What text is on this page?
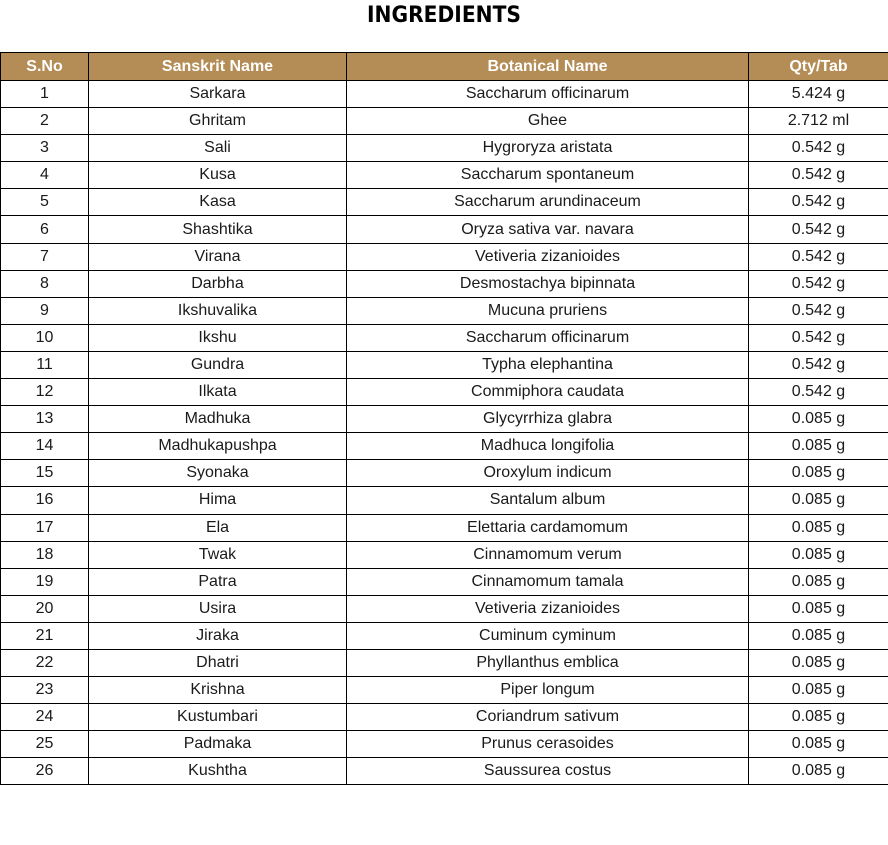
INGREDIENTS
S.No	Sanskrit Name	Botanical Name	Qty/Tab
1	Sarkara	Saccharum officinarum	5.424 g
2	Ghritam	Ghee	2.712 ml
3	Sali	Hygroryza aristata	0.542 g
4	Kusa	Saccharum spontaneum	0.542 g
5	Kasa	Saccharum arundinaceum	0.542 g
6	Shashtika	Oryza sativa var. navara	0.542 g
7	Virana	Vetiveria zizanioides	0.542 g
8	Darbha	Desmostachya bipinnata	0.542 g
9	Ikshuvalika	Mucuna pruriens	0.542 g
10	Ikshu	Saccharum officinarum	0.542 g
11	Gundra	Typha elephantina	0.542 g
12	Ilkata	Commiphora caudata	0.542 g
13	Madhuka	Glycyrrhiza glabra	0.085 g
14	Madhukapushpa	Madhuca longifolia	0.085 g
15	Syonaka	Oroxylum indicum	0.085 g
16	Hima	Santalum album	0.085 g
17	Ela	Elettaria cardamomum	0.085 g
18	Twak	Cinnamomum verum	0.085 g
19	Patra	Cinnamomum tamala	0.085 g
20	Usira	Vetiveria zizanioides	0.085 g
21	Jiraka	Cuminum cyminum	0.085 g
22	Dhatri	Phyllanthus emblica	0.085 g
23	Krishna	Piper longum	0.085 g
24	Kustumbari	Coriandrum sativum	0.085 g
25	Padmaka	Prunus cerasoides	0.085 g
26	Kushtha	Saussurea costus	0.085 g
